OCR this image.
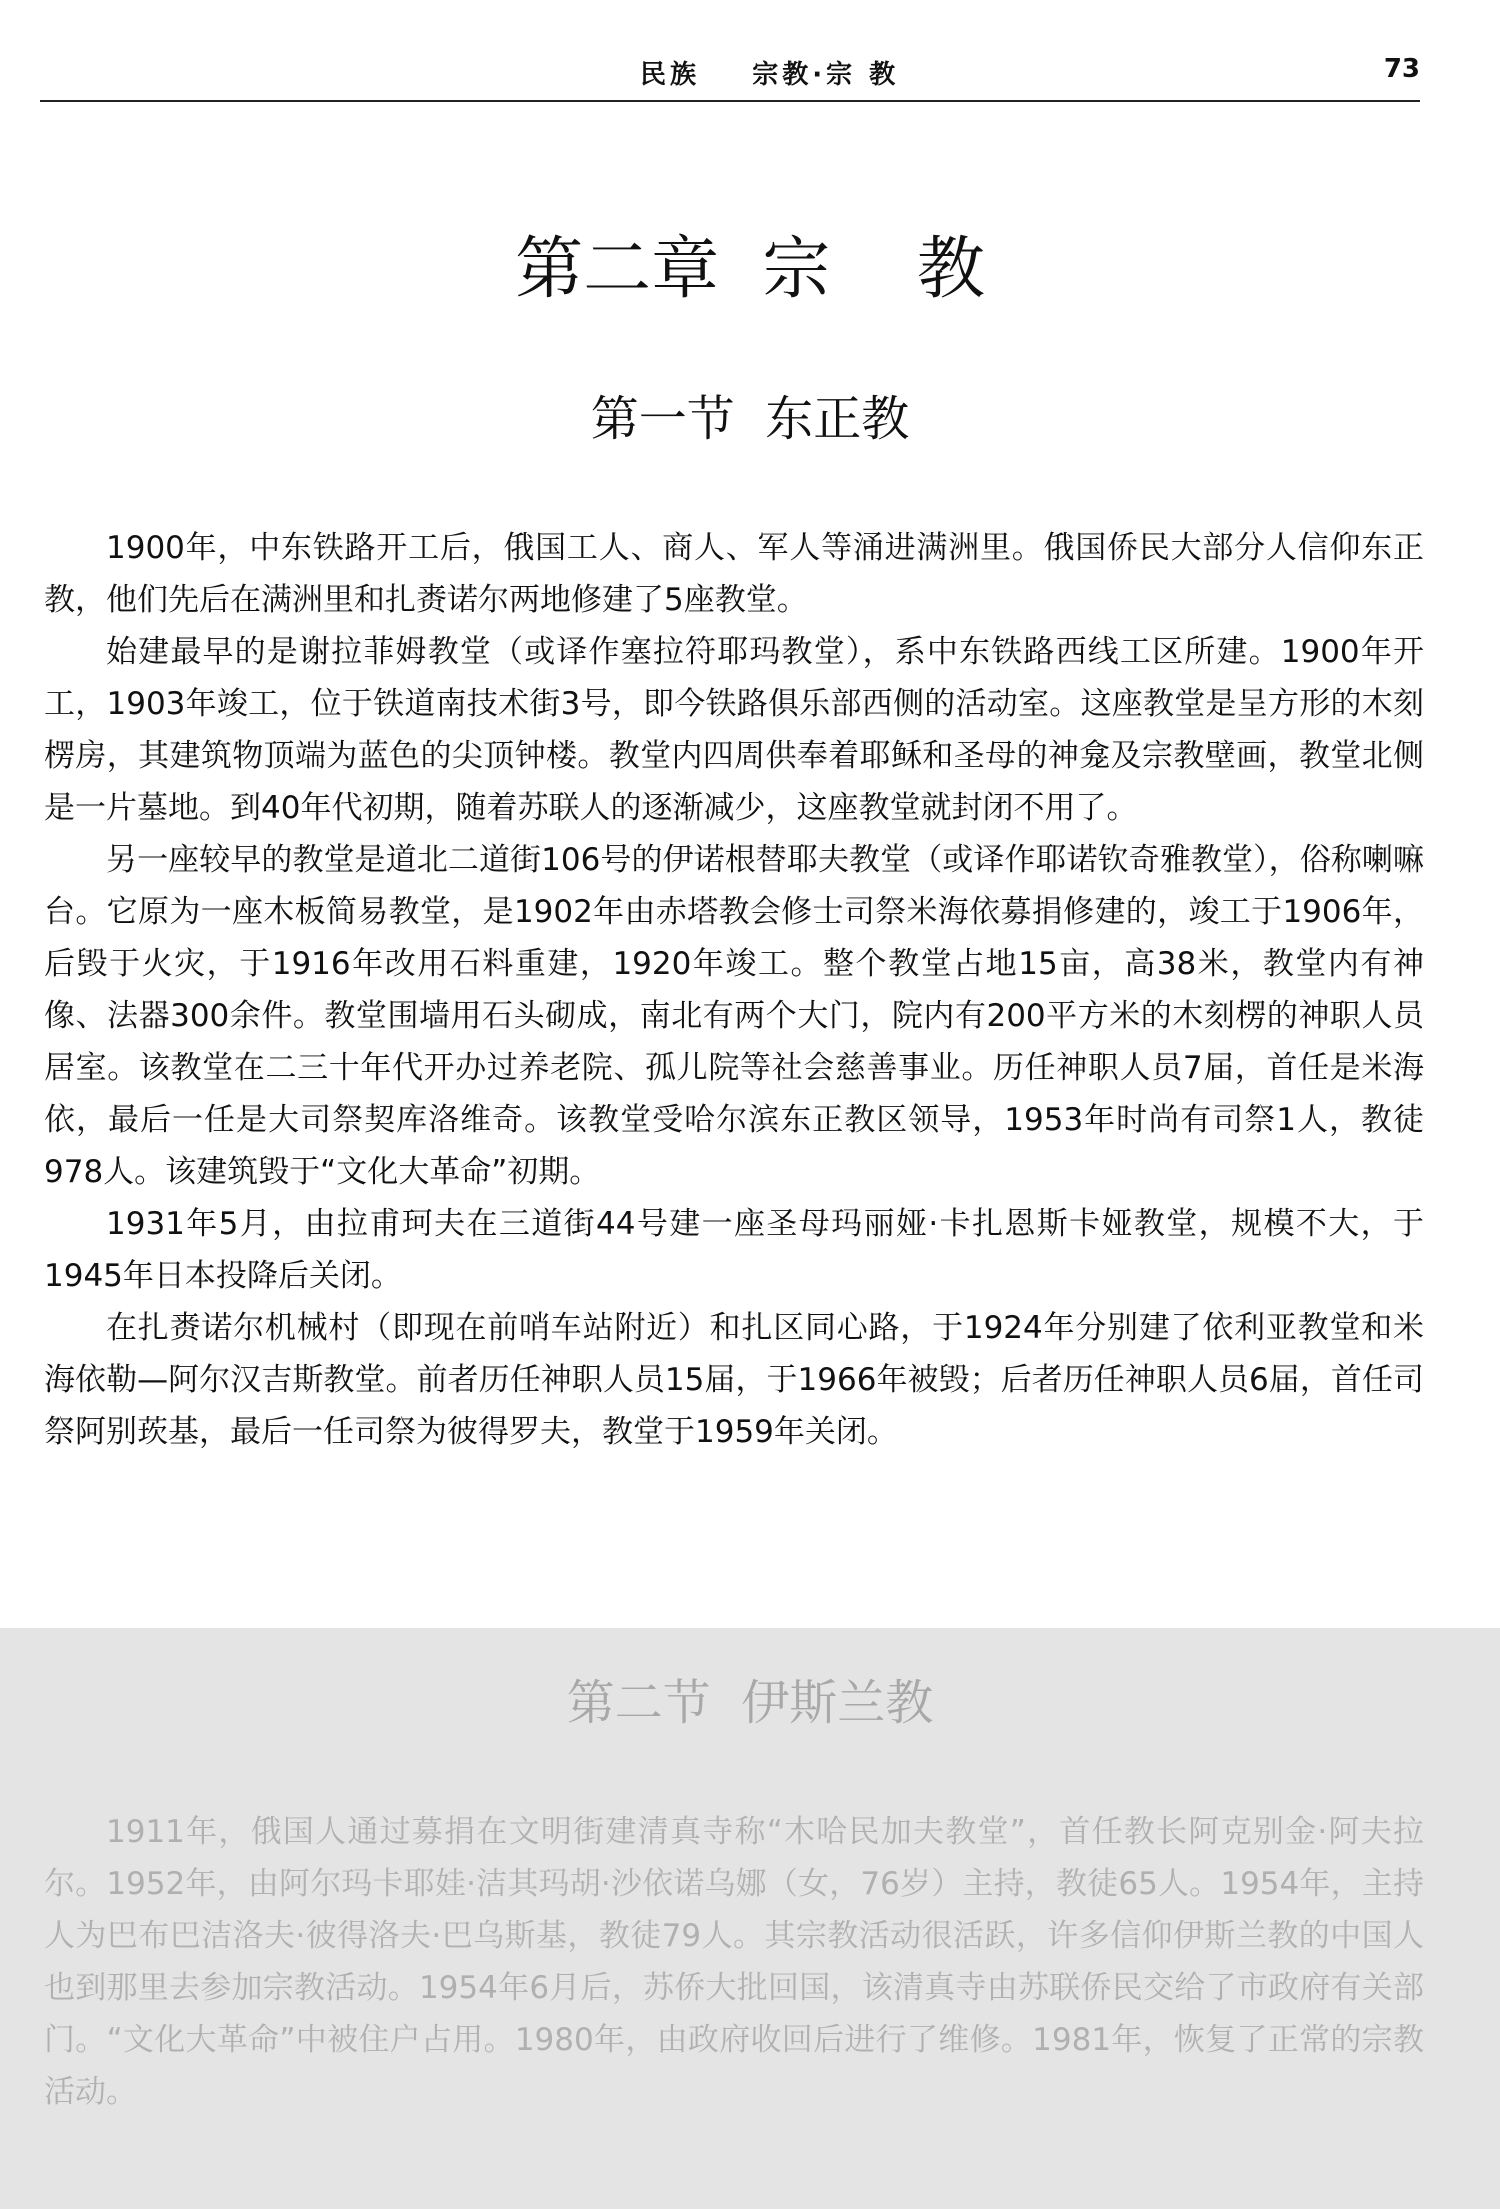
民族    宗教·宗 教	73
第二章  宗    教
第一节  东正教

1900年，中东铁路开工后，俄国工人、商人、军人等涌进满洲里。俄国侨民大部分人信仰东正教，他们先后在满洲里和扎赉诺尔两地修建了5座教堂。

始建最早的是谢拉菲姆教堂（或译作塞拉符耶玛教堂），系中东铁路西线工区所建。1900年开工，1903年竣工，位于铁道南技术街3号，即今铁路俱乐部西侧的活动室。这座教堂是呈方形的木刻楞房，其建筑物顶端为蓝色的尖顶钟楼。教堂内四周供奉着耶稣和圣母的神龛及宗教壁画，教堂北侧是一片墓地。到40年代初期，随着苏联人的逐渐减少，这座教堂就封闭不用了。

另一座较早的教堂是道北二道街106号的伊诺根替耶夫教堂（或译作耶诺钦奇雅教堂），俗称喇嘛台。它原为一座木板简易教堂，是1902年由赤塔教会修士司祭米海依募捐修建的，竣工于1906年，后毁于火灾，于1916年改用石料重建，1920年竣工。整个教堂占地15亩，高38米，教堂内有神像、法器300余件。教堂围墙用石头砌成，南北有两个大门，院内有200平方米的木刻楞的神职人员居室。该教堂在二三十年代开办过养老院、孤儿院等社会慈善事业。历任神职人员7届，首任是米海依，最后一任是大司祭契库洛维奇。该教堂受哈尔滨东正教区领导，1953年时尚有司祭1人，教徒978人。该建筑毁于“文化大革命”初期。

1931年5月，由拉甫珂夫在三道街44号建一座圣母玛丽娅·卡扎恩斯卡娅教堂，规模不大，于1945年日本投降后关闭。

在扎赉诺尔机械村（即现在前哨车站附近）和扎区同心路，于1924年分别建了依利亚教堂和米海依勒—阿尔汉吉斯教堂。前者历任神职人员15届，于1966年被毁；后者历任神职人员6届，首任司祭阿别莰基，最后一任司祭为彼得罗夫，教堂于1959年关闭。

第二节  伊斯兰教

1911年，俄国人通过募捐在文明街建清真寺称“木哈民加夫教堂”，首任教长阿克别金·阿夫拉尔。1952年，由阿尔玛卡耶娃·洁其玛胡·沙依诺乌娜（女，76岁）主持，教徒65人。1954年，主持人为巴布巴洁洛夫·彼得洛夫·巴乌斯基，教徒79人。其宗教活动很活跃，许多信仰伊斯兰教的中国人也到那里去参加宗教活动。1954年6月后，苏侨大批回国，该清真寺由苏联侨民交给了市政府有关部门。“文化大革命”中被住户占用。1980年，由政府收回后进行了维修。1981年，恢复了正常的宗教活动。
